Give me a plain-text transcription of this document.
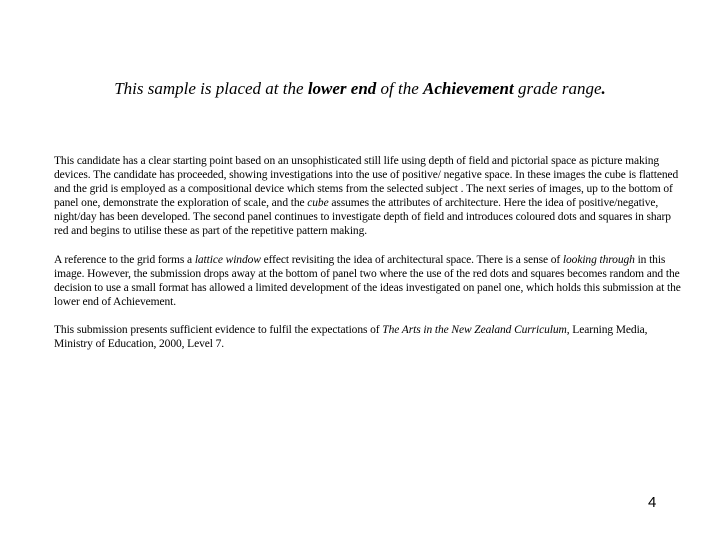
This sample is placed at the lower end of the Achievement grade range.

This candidate has a clear starting point based on an unsophisticated still life using depth of field and pictorial space as picture making devices. The candidate has proceeded, showing investigations into the use of positive/ negative space. In these images the cube is flattened and the grid is employed as a compositional device which stems from the selected subject . The next series of images, up to the bottom of panel one, demonstrate the exploration of scale, and the cube assumes the attributes of architecture. Here the idea of positive/negative, night/day has been developed. The second panel continues to investigate depth of field and introduces coloured dots and squares in sharp red and begins to utilise these as part of the repetitive pattern making.

A reference to the grid forms a lattice window effect revisiting the idea of architectural space. There is a sense of looking through in this image. However, the submission drops away at the bottom of panel two where the use of the red dots and squares becomes random and the decision to use a small format has allowed a limited development of the ideas investigated on panel one, which holds this submission at the lower end of Achievement.

This submission presents sufficient evidence to fulfil the expectations of The Arts in the New Zealand Curriculum, Learning Media, Ministry of Education, 2000, Level 7.

4
